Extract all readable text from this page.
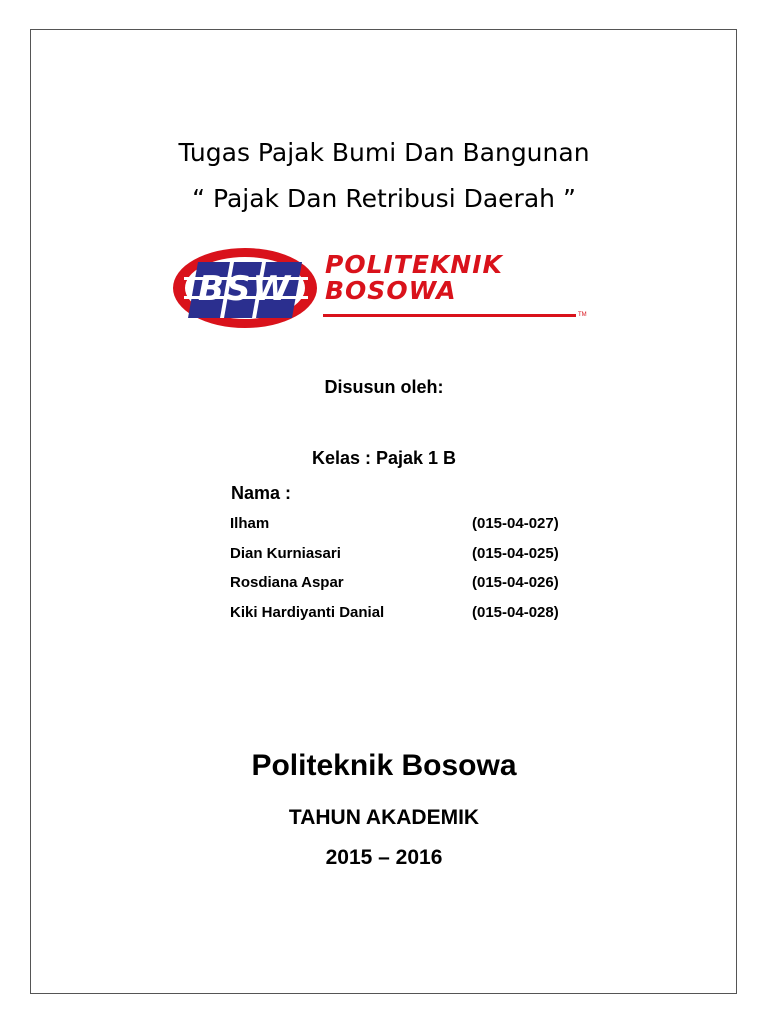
Tugas Pajak Bumi Dan Bangunan
“ Pajak Dan Retribusi Daerah ”
BSW
POLITEKNIK
BOSOWA
TM
Disusun oleh:
Kelas : Pajak 1 B
Nama :
Ilham	(015-04-027)
Dian Kurniasari	(015-04-025)
Rosdiana Aspar	(015-04-026)
Kiki Hardiyanti Danial	(015-04-028)
Politeknik Bosowa
TAHUN AKADEMIK
2015 – 2016
